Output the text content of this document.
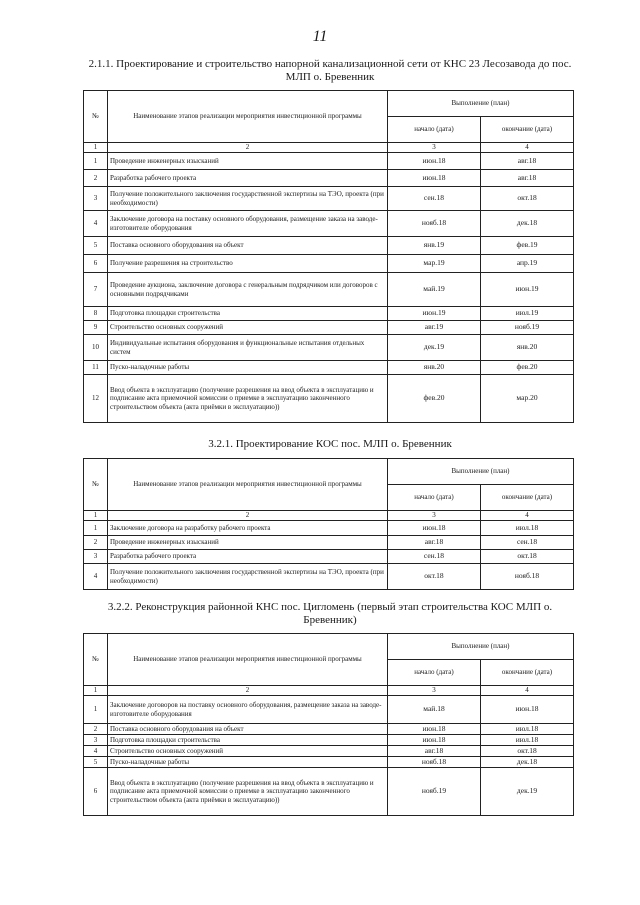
11
2.1.1. Проектирование и строительство напорной канализационной сети от КНС 23 Лесозавода до пос. МЛП о. Бревенник
№	Наименование этапов реализации мероприятия инвестиционной программы	Выполнение (план)	
		начало (дата)	окончание (дата)
1	2	3	4
1	Проведение инженерных изысканий	июн.18	авг.18
2	Разработка рабочего проекта	июн.18	авг.18
3	Получение положительного заключения государственной экспертизы на ТЭО, проекта (при необходимости)	сен.18	окт.18
4	Заключение договора на поставку основного оборудования, размещение заказа на заводе-изготовителе оборудования	нояб.18	дек.18
5	Поставка основного оборудования на объект	янв.19	фев.19
6	Получение разрешения на строительство	мар.19	апр.19
7	Проведение аукциона, заключение договора с генеральным подрядчиком или договоров с основными подрядчиками	май.19	июн.19
8	Подготовка площадки строительства	июн.19	июл.19
9	Строительство основных сооружений	авг.19	нояб.19
10	Индивидуальные испытания оборудования и функциональные испытания отдельных систем	дек.19	янв.20
11	Пуско-наладочные работы	янв.20	фев.20
12	Ввод объекта в эксплуатацию (получение разрешения на ввод объекта в эксплуатацию и подписание акта приемочной комиссии о приемке в эксплуатацию законченного строительством объекта (акта приёмки в эксплуатацию))	фев.20	мар.20
3.2.1. Проектирование КОС пос. МЛП о. Бревенник
№	Наименование этапов реализации мероприятия инвестиционной программы	Выполнение (план)	
		начало (дата)	окончание (дата)
1	2	3	4
1	Заключение договора на разработку рабочего проекта	июн.18	июл.18
2	Проведение инженерных изысканий	авг.18	сен.18
3	Разработка рабочего проекта	сен.18	окт.18
4	Получение положительного заключения государственной экспертизы на ТЭО, проекта (при необходимости)	окт.18	нояб.18
3.2.2. Реконструкция районной КНС пос. Цигломень (первый этап строительства КОС МЛП о. Бревенник)
№	Наименование этапов реализации мероприятия инвестиционной программы	Выполнение (план)	
		начало (дата)	окончание (дата)
1	2	3	4
1	Заключение договоров на поставку основного оборудования, размещение заказа на заводе-изготовителе оборудования	май.18	июн.18
2	Поставка основного оборудования на объект	июн.18	июл.18
3	Подготовка площадки строительства	июн.18	июл.18
4	Строительство основных сооружений	авг.18	окт.18
5	Пуско-наладочные работы	нояб.18	дек.18
6	Ввод объекта в эксплуатацию (получение разрешения на ввод объекта в эксплуатацию и подписание акта приемочной комиссии о приемке в эксплуатацию законченного строительством объекта (акта приёмки в эксплуатацию))	нояб.19	дек.19
